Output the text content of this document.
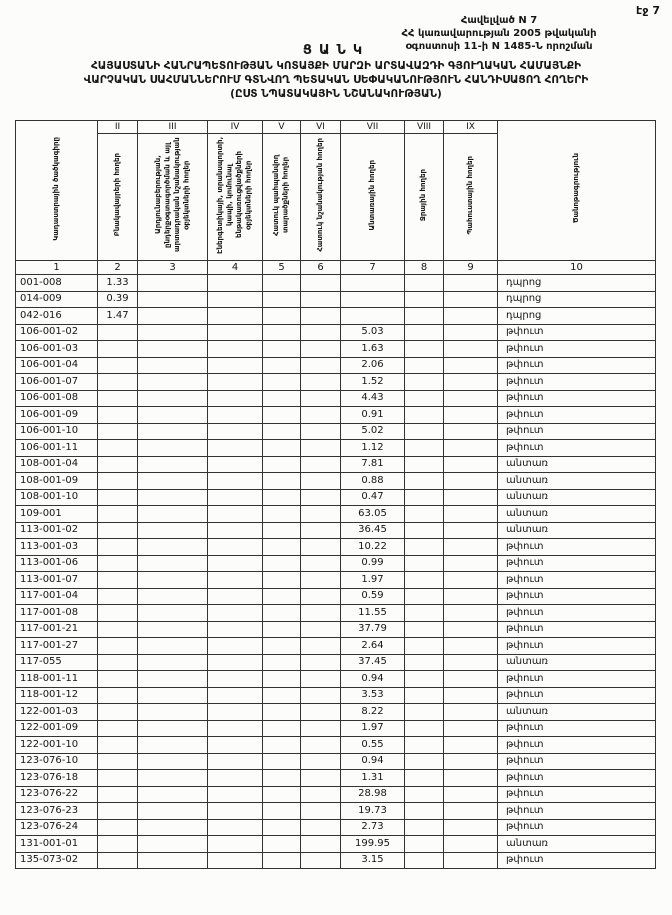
էջ 7
Հավելված N 7
ՀՀ կառավարության 2005 թվականի
օգոստոսի 11-ի N 1485-Ն որոշման
ՑԱՆԿ
ՀԱՅԱՍՏԱՆԻ ՀԱՆՐԱՊԵՏՈՒԹՅԱՆ ԿՈՏԱՅՔԻ ՄԱՐԶԻ ԱՐՏԱՎԱԶԴԻ ԳՅՈՒՂԱԿԱՆ ՀԱՄԱՅՆՔԻ
ՎԱՐՉԱԿԱՆ ՍԱՀՄԱՆՆԵՐՈՒՄ ԳՏՆՎՈՂ ՊԵՏԱԿԱՆ ՍԵՓԱԿԱՆՈՒԹՅՈՒՆ ՀԱՆԴԻՍԱՑՈՂ ՀՈՂԵՐԻ
(ԸՍՏ ՆՊԱՏԱԿԱՅԻՆ ՆՇԱՆԱԿՈՒԹՅԱՆ)
Կադաստրային ծածկագիրը	II	III	IV	V	VI	VII	VIII	IX	Ծանոթագրություն
	Բնակավայրերի հողեր	Արդյունաբերության, ընդերքօգտագործման և այլ արտադրական նշանակության օբյեկտների հողեր	Էներգետիկայի, տրանսպորտի, կապի, կոմունալ ենթակառուցվածքների օբյեկտների հողեր	Հատուկ պահպանվող տարածքների հողեր	Հատուկ նշանակության հողեր	Անտառային հողեր	Ջրային հողեր	Պահուստային հողեր	
1	2	3	4	5	6	7	8	9	10
001-008	1.33								դպրոց
014-009	0.39								դպրոց
042-016	1.47								դպրոց
106-001-02						5.03			թփուտ
106-001-03						1.63			թփուտ
106-001-04						2.06			թփուտ
106-001-07						1.52			թփուտ
106-001-08						4.43			թփուտ
106-001-09						0.91			թփուտ
106-001-10						5.02			թփուտ
106-001-11						1.12			թփուտ
108-001-04						7.81			անտառ
108-001-09						0.88			անտառ
108-001-10						0.47			անտառ
109-001						63.05			անտառ
113-001-02						36.45			անտառ
113-001-03						10.22			թփուտ
113-001-06						0.99			թփուտ
113-001-07						1.97			թփուտ
117-001-04						0.59			թփուտ
117-001-08						11.55			թփուտ
117-001-21						37.79			թփուտ
117-001-27						2.64			թփուտ
117-055						37.45			անտառ
118-001-11						0.94			թփուտ
118-001-12						3.53			թփուտ
122-001-03						8.22			անտառ
122-001-09						1.97			թփուտ
122-001-10						0.55			թփուտ
123-076-10						0.94			թփուտ
123-076-18						1.31			թփուտ
123-076-22						28.98			թփուտ
123-076-23						19.73			թփուտ
123-076-24						2.73			թփուտ
131-001-01						199.95			անտառ
135-073-02						3.15			թփուտ
